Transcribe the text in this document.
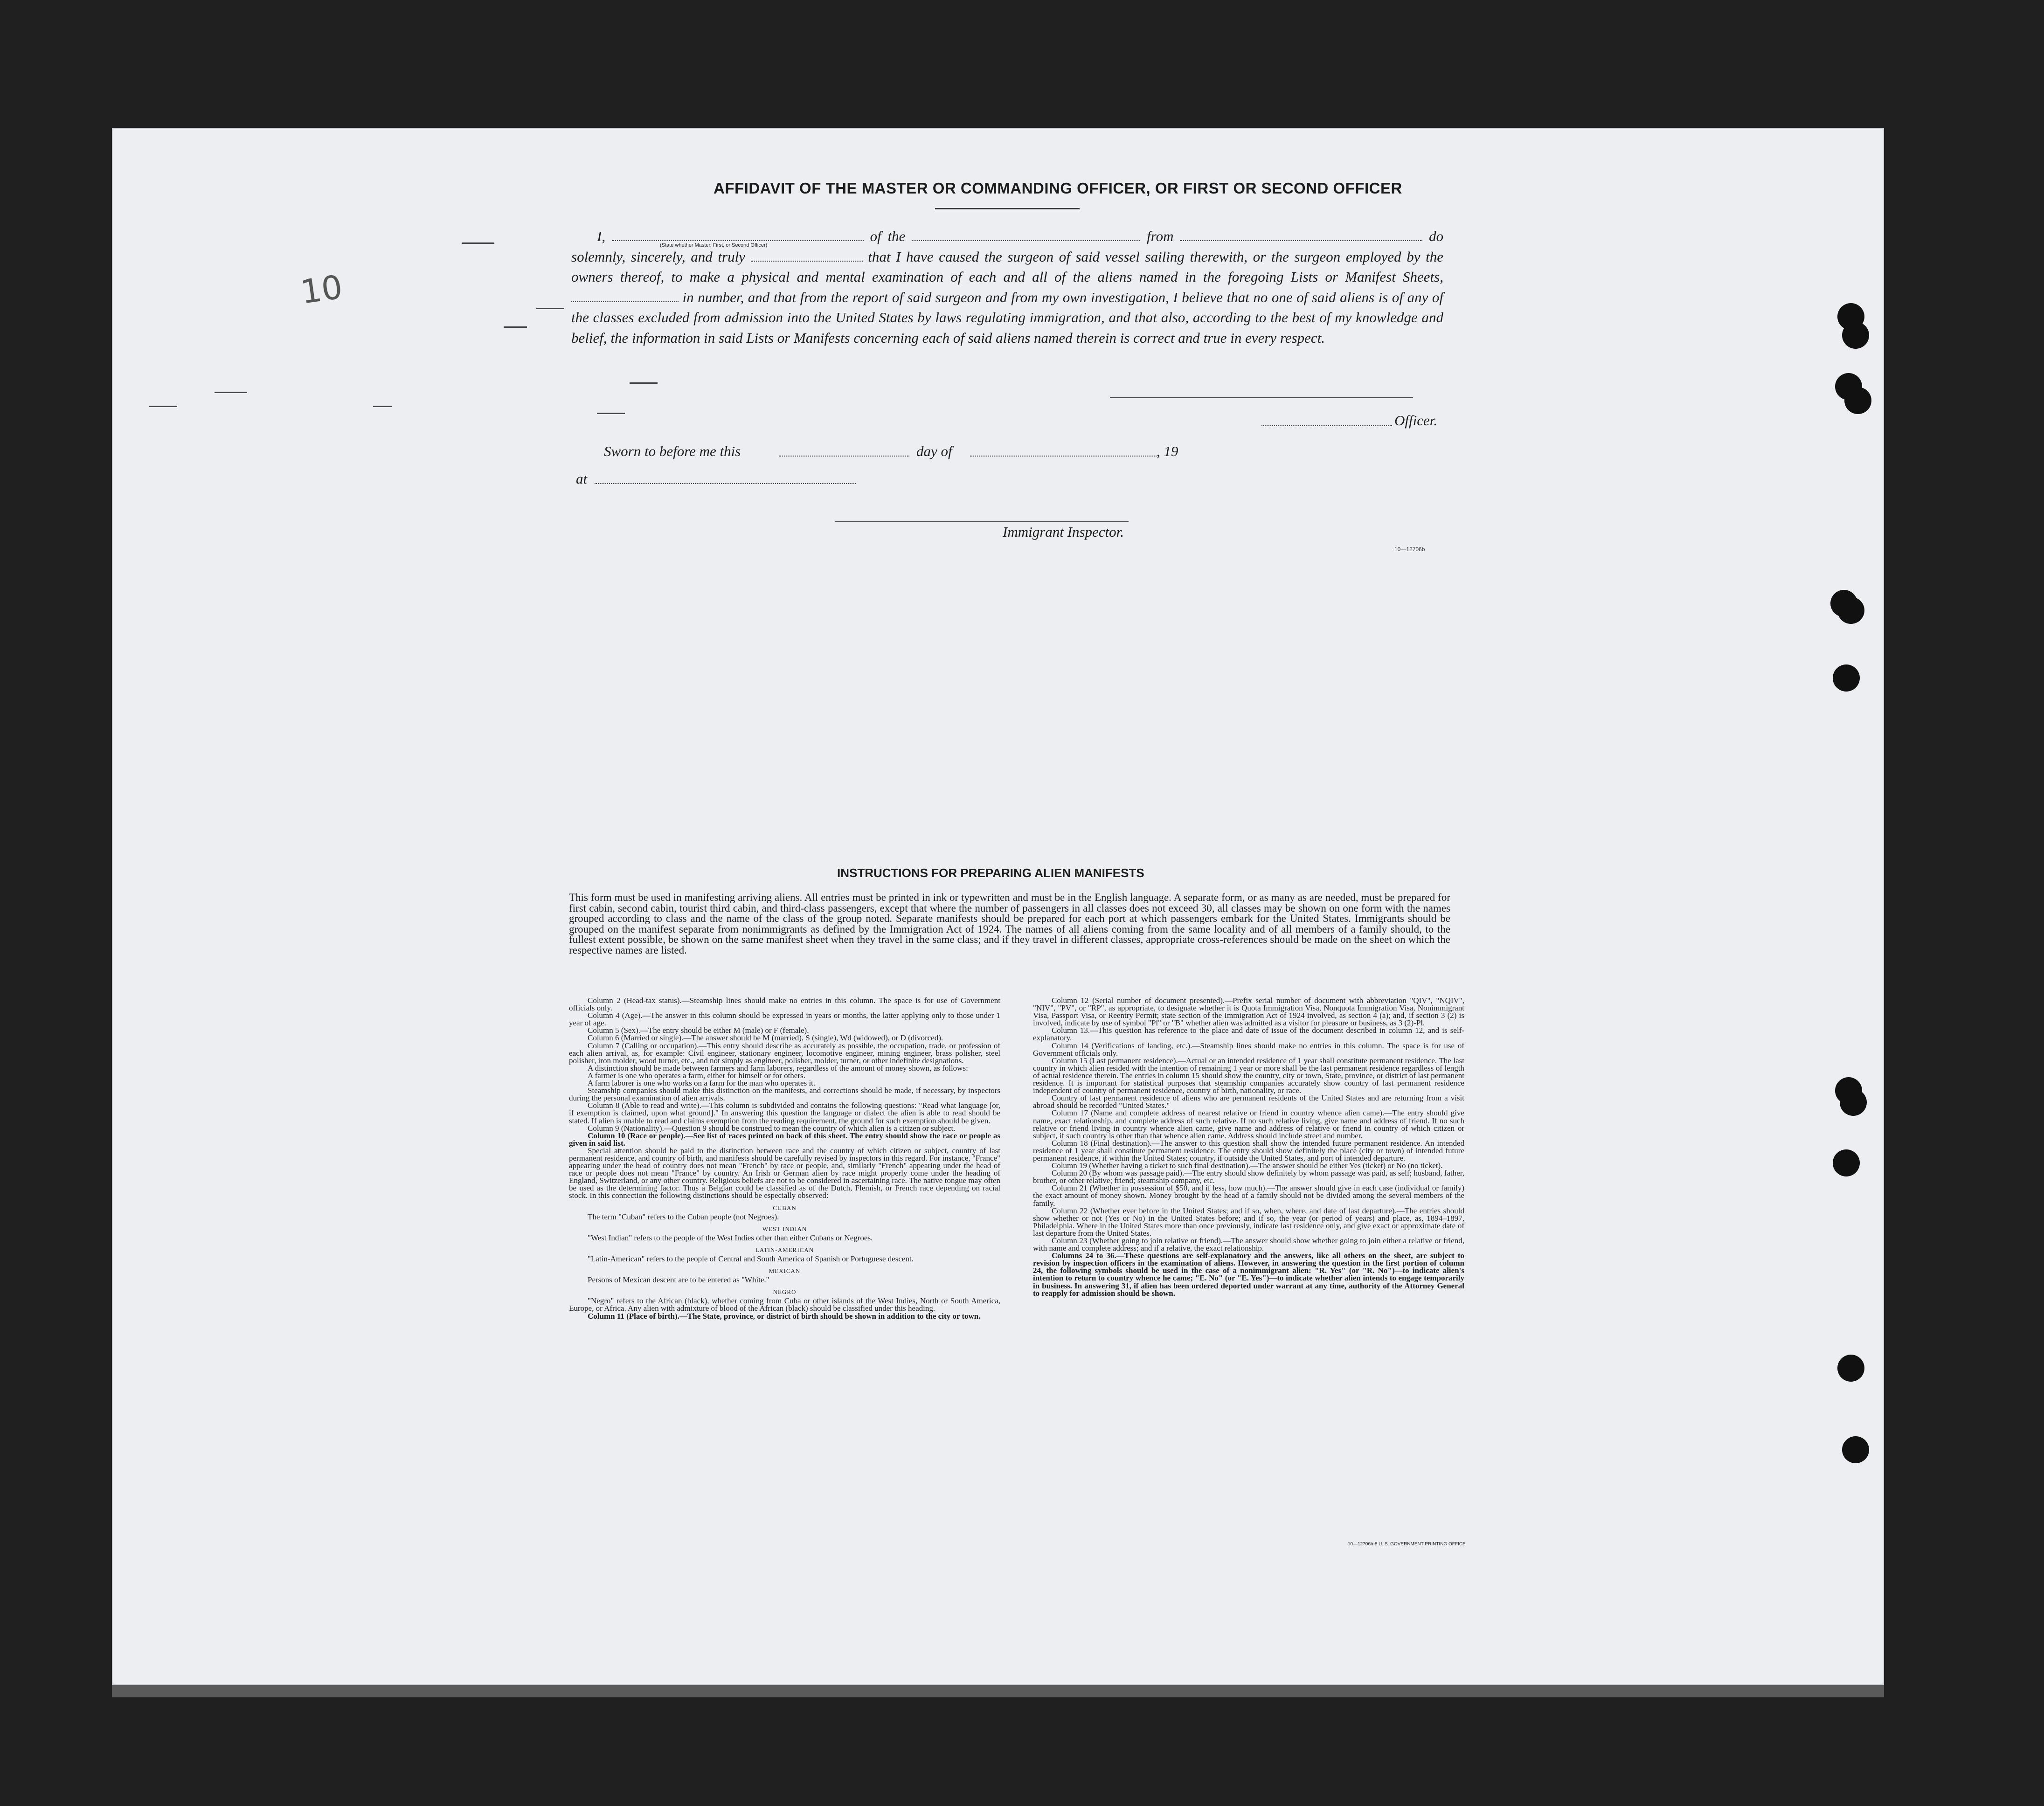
10
AFFIDAVIT OF THE MASTER OR COMMANDING OFFICER, OR FIRST OR SECOND OFFICER
I,	of the	from	do solemnly, sincerely, and truly	that I have caused the surgeon of said vessel sailing therewith, or the surgeon employed by the owners thereof, to make a physical and mental examination of each and all of the aliens named in the foregoing Lists or Manifest Sheets,  in number, and that from the report of said surgeon and from my own investigation, I believe that no one of said aliens is of any of the classes excluded from admission into the United States by laws regulating immigration, and that also, according to the best of my knowledge and belief, the information in said Lists or Manifests concerning each of said aliens named therein is correct and true in every respect.
(State whether Master, First, or Second Officer)
Officer.
Sworn to before me this	day of	, 19
at
Immigrant Inspector.
10—12706b
INSTRUCTIONS FOR PREPARING ALIEN MANIFESTS
This form must be used in manifesting arriving aliens. All entries must be printed in ink or typewritten and must be in the English language. A separate form, or as many as are needed, must be prepared for first cabin, second cabin, tourist third cabin, and third-class passengers, except that where the number of passengers in all classes does not exceed 30, all classes may be shown on one form with the names grouped according to class and the name of the class of the group noted. Separate manifests should be prepared for each port at which passengers embark for the United States. Immigrants should be grouped on the manifest separate from nonimmigrants as defined by the Immigration Act of 1924. The names of all aliens coming from the same locality and of all members of a family should, to the fullest extent possible, be shown on the same manifest sheet when they travel in the same class; and if they travel in different classes, appropriate cross-references should be made on the sheet on which the respective names are listed.

Column 2 (Head-tax status).—Steamship lines should make no entries in this column. The space is for use of Government officials only.

Column 4 (Age).—The answer in this column should be expressed in years or months, the latter applying only to those under 1 year of age.

Column 5 (Sex).—The entry should be either M (male) or F (female).

Column 6 (Married or single).—The answer should be M (married), S (single), Wd (widowed), or D (divorced).

Column 7 (Calling or occupation).—This entry should describe as accurately as possible, the occupation, trade, or profession of each alien arrival, as, for example: Civil engineer, stationary engineer, locomotive engineer, mining engineer, brass polisher, steel polisher, iron molder, wood turner, etc., and not simply as engineer, polisher, molder, turner, or other indefinite designations.

A distinction should be made between farmers and farm laborers, regardless of the amount of money shown, as follows:

A farmer is one who operates a farm, either for himself or for others.

A farm laborer is one who works on a farm for the man who operates it.

Steamship companies should make this distinction on the manifests, and corrections should be made, if necessary, by inspectors during the personal examination of alien arrivals.

Column 8 (Able to read and write).—This column is subdivided and contains the following questions: "Read what language [or, if exemption is claimed, upon what ground]." In answering this question the language or dialect the alien is able to read should be stated. If alien is unable to read and claims exemption from the reading requirement, the ground for such exemption should be given.

Column 9 (Nationality).—Question 9 should be construed to mean the country of which alien is a citizen or subject.

Column 10 (Race or people).—See list of races printed on back of this sheet. The entry should show the race or people as given in said list.

Special attention should be paid to the distinction between race and the country of which citizen or subject, country of last permanent residence, and country of birth, and manifests should be carefully revised by inspectors in this regard. For instance, "France" appearing under the head of country does not mean "French" by race or people, and, similarly "French" appearing under the head of race or people does not mean "France" by country. An Irish or German alien by race might properly come under the heading of England, Switzerland, or any other country. Religious beliefs are not to be considered in ascertaining race. The native tongue may often be used as the determining factor. Thus a Belgian could be classified as of the Dutch, Flemish, or French race depending on racial stock. In this connection the following distinctions should be especially observed:

CUBAN

The term "Cuban" refers to the Cuban people (not Negroes).

WEST INDIAN

"West Indian" refers to the people of the West Indies other than either Cubans or Negroes.

LATIN-AMERICAN

"Latin-American" refers to the people of Central and South America of Spanish or Portuguese descent.

MEXICAN

Persons of Mexican descent are to be entered as "White."

NEGRO

"Negro" refers to the African (black), whether coming from Cuba or other islands of the West Indies, North or South America, Europe, or Africa. Any alien with admixture of blood of the African (black) should be classified under this heading.

Column 11 (Place of birth).—The State, province, or district of birth should be shown in addition to the city or town.

Column 12 (Serial number of document presented).—Prefix serial number of document with abbreviation "QIV", "NQIV", "NIV", "PV", or "RP", as appropriate, to designate whether it is Quota Immigration Visa, Nonquota Immigration Visa, Nonimmigrant Visa, Passport Visa, or Reentry Permit; state section of the Immigration Act of 1924 involved, as section 4 (a); and, if section 3 (2) is involved, indicate by use of symbol "Pl" or "B" whether alien was admitted as a visitor for pleasure or business, as 3 (2)-Pl.

Column 13.—This question has reference to the place and date of issue of the document described in column 12, and is self-explanatory.

Column 14 (Verifications of landing, etc.).—Steamship lines should make no entries in this column. The space is for use of Government officials only.

Column 15 (Last permanent residence).—Actual or an intended residence of 1 year shall constitute permanent residence. The last country in which alien resided with the intention of remaining 1 year or more shall be the last permanent residence regardless of length of actual residence therein. The entries in column 15 should show the country, city or town, State, province, or district of last permanent residence. It is important for statistical purposes that steamship companies accurately show country of last permanent residence independent of country of permanent residence, country of birth, nationality, or race.

Country of last permanent residence of aliens who are permanent residents of the United States and are returning from a visit abroad should be recorded "United States."

Column 17 (Name and complete address of nearest relative or friend in country whence alien came).—The entry should give name, exact relationship, and complete address of such relative. If no such relative living, give name and address of friend. If no such relative or friend living in country whence alien came, give name and address of relative or friend in country of which citizen or subject, if such country is other than that whence alien came. Address should include street and number.

Column 18 (Final destination).—The answer to this question shall show the intended future permanent residence. An intended residence of 1 year shall constitute permanent residence. The entry should show definitely the place (city or town) of intended future permanent residence, if within the United States; country, if outside the United States, and port of intended departure.

Column 19 (Whether having a ticket to such final destination).—The answer should be either Yes (ticket) or No (no ticket).

Column 20 (By whom was passage paid).—The entry should show definitely by whom passage was paid, as self; husband, father, brother, or other relative; friend; steamship company, etc.

Column 21 (Whether in possession of $50, and if less, how much).—The answer should give in each case (individual or family) the exact amount of money shown. Money brought by the head of a family should not be divided among the several members of the family.

Column 22 (Whether ever before in the United States; and if so, when, where, and date of last departure).—The entries should show whether or not (Yes or No) in the United States before; and if so, the year (or period of years) and place, as, 1894–1897, Philadelphia. Where in the United States more than once previously, indicate last residence only, and give exact or approximate date of last departure from the United States.

Column 23 (Whether going to join relative or friend).—The answer should show whether going to join either a relative or friend, with name and complete address; and if a relative, the exact relationship.

Columns 24 to 36.—These questions are self-explanatory and the answers, like all others on the sheet, are subject to revision by inspection officers in the examination of aliens. However, in answering the question in the first portion of column 24, the following symbols should be used in the case of a nonimmigrant alien: "R. Yes" (or "R. No")—to indicate alien's intention to return to country whence he came; "E. No" (or "E. Yes")—to indicate whether alien intends to engage temporarily in business. In answering 31, if alien has been ordered deported under warrant at any time, authority of the Attorney General to reapply for admission should be shown.

10—12706b-8 U. S. GOVERNMENT PRINTING OFFICE
